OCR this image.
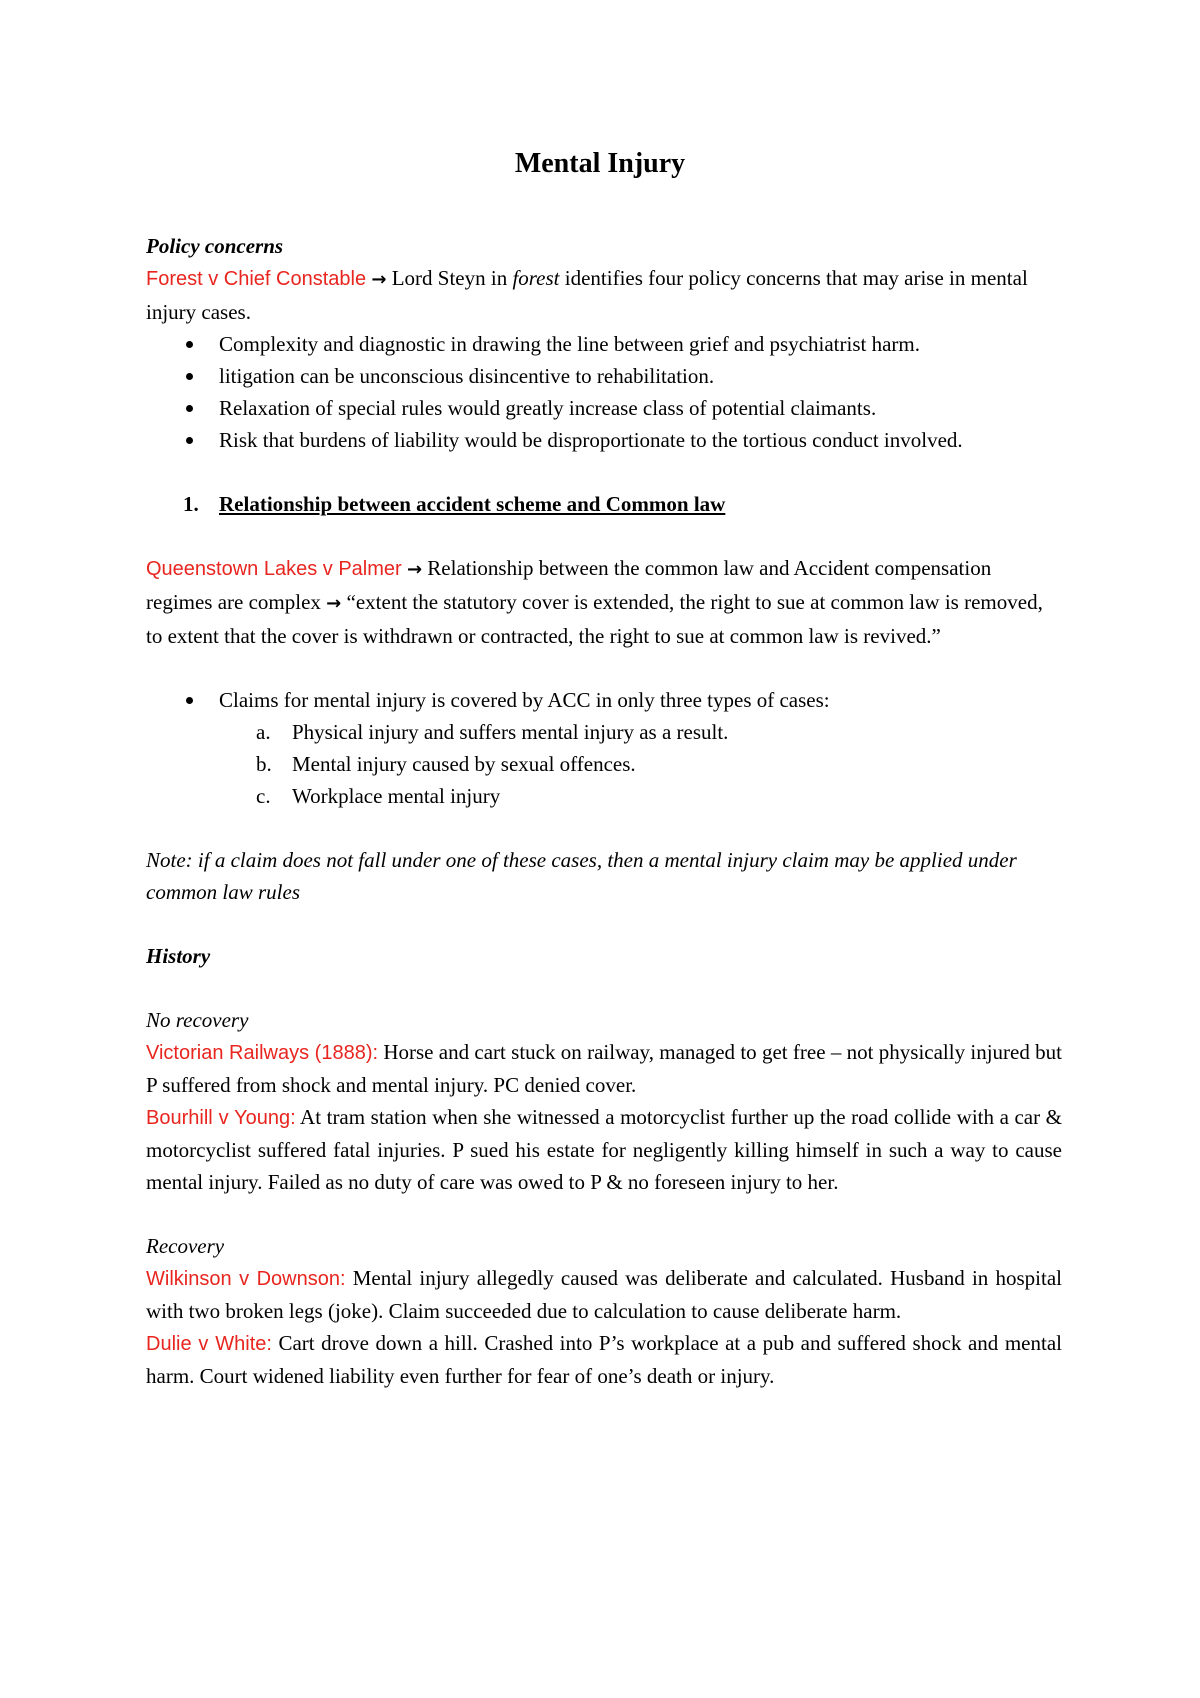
Mental Injury
Policy concerns
Forest v Chief Constable → Lord Steyn in forest identifies four policy concerns that may arise in mental injury cases.
Complexity and diagnostic in drawing the line between grief and psychiatrist harm.
litigation can be unconscious disincentive to rehabilitation.
Relaxation of special rules would greatly increase class of potential claimants.
Risk that burdens of liability would be disproportionate to the tortious conduct involved.
1. Relationship between accident scheme and Common law
Queenstown Lakes v Palmer → Relationship between the common law and Accident compensation regimes are complex → “extent the statutory cover is extended, the right to sue at common law is removed, to extent that the cover is withdrawn or contracted, the right to sue at common law is revived.”
Claims for mental injury is covered by ACC in only three types of cases:
a. Physical injury and suffers mental injury as a result.
b. Mental injury caused by sexual offences.
c. Workplace mental injury
Note: if a claim does not fall under one of these cases, then a mental injury claim may be applied under common law rules
History
No recovery
Victorian Railways (1888): Horse and cart stuck on railway, managed to get free – not physically injured but P suffered from shock and mental injury. PC denied cover.
Bourhill v Young: At tram station when she witnessed a motorcyclist further up the road collide with a car & motorcyclist suffered fatal injuries. P sued his estate for negligently killing himself in such a way to cause mental injury. Failed as no duty of care was owed to P & no foreseen injury to her.
Recovery
Wilkinson v Downson: Mental injury allegedly caused was deliberate and calculated. Husband in hospital with two broken legs (joke). Claim succeeded due to calculation to cause deliberate harm.
Dulie v White: Cart drove down a hill. Crashed into P’s workplace at a pub and suffered shock and mental harm. Court widened liability even further for fear of one’s death or injury.
